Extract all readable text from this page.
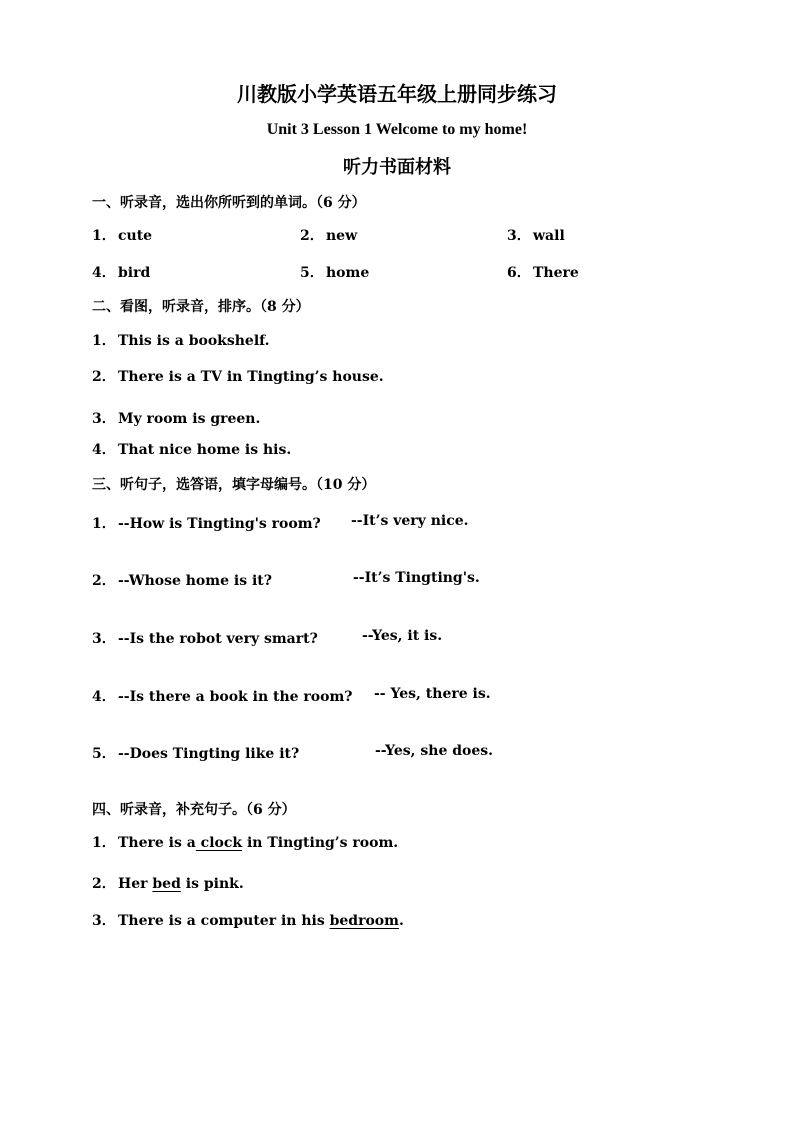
川教版小学英语五年级上册同步练习
Unit 3 Lesson 1 Welcome to my home!
听力书面材料
一、听录音，选出你所听到的单词。（6 分）
1． cute	2． new	3． wall
4． bird	5． home	6． There
二、看图，听录音，排序。（8 分）
1． This is a bookshelf.
2． There is a TV in Tingting’s house.
3． My room is green.
4． That nice home is his.
三、听句子，选答语，填字母编号。（10 分）
1． --How is Tingting's room? --It’s very nice.
2． --Whose home is it?	--It’s Tingting's.
3． --Is the robot very smart?	--Yes, it is.
4． --Is there a book in the room? -- Yes, there is.
5． --Does Tingting like it?	--Yes, she does.
四、听录音，补充句子。（6 分）
1． There is a clock in Tingting’s room.
2． Her bed is pink.
3． There is a computer in his bedroom.
